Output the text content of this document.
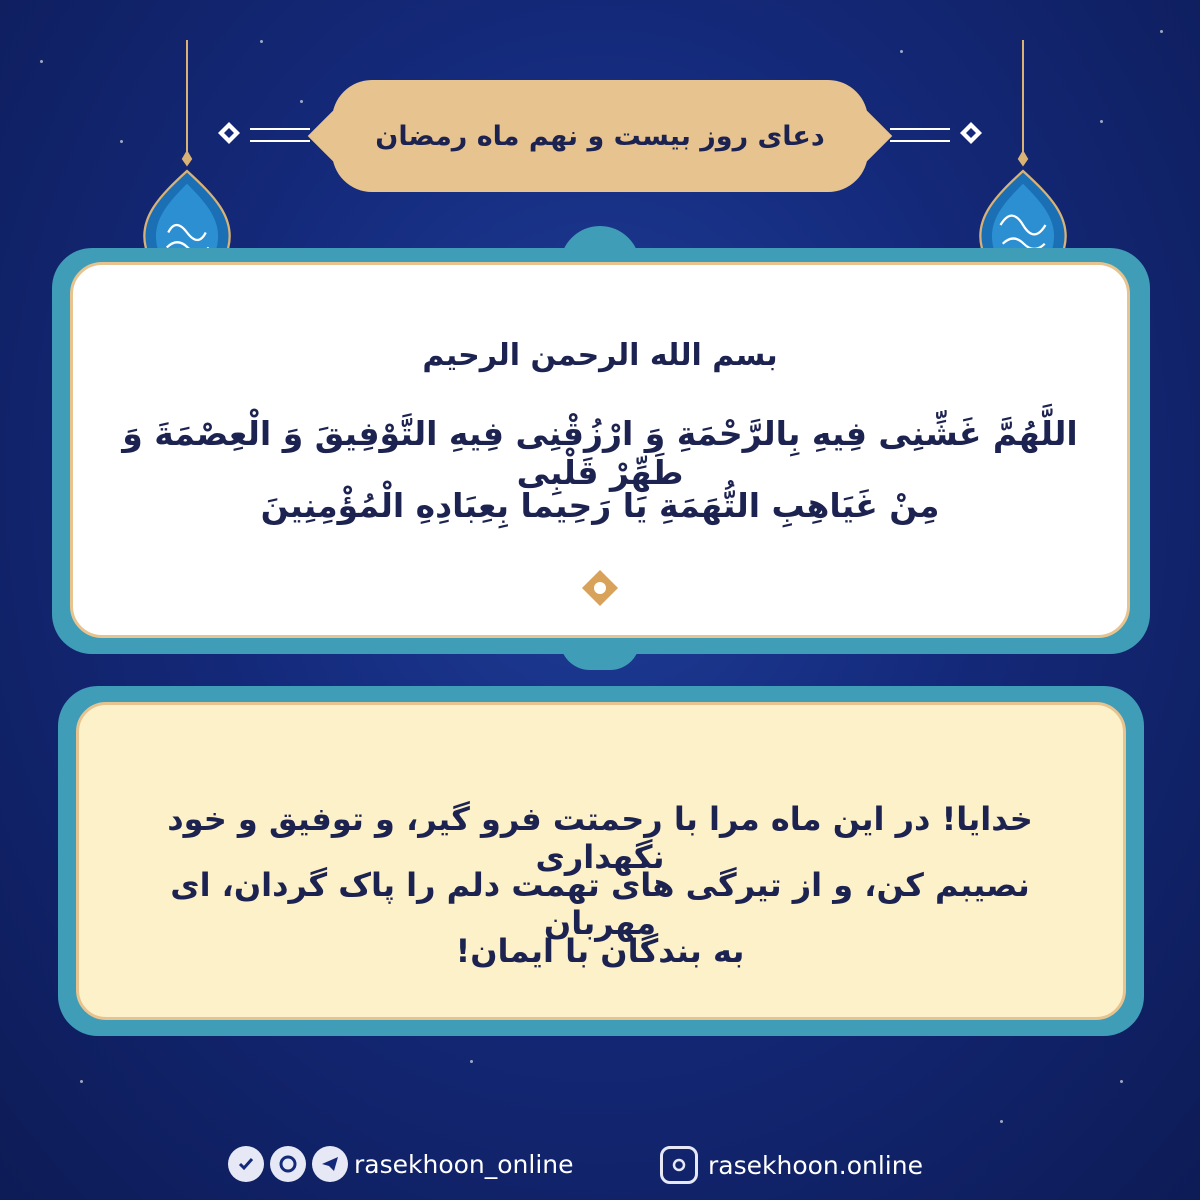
دعای روز بیست و نهم ماه رمضان
بسم الله الرحمن الرحیم
اللَّهُمَّ غَشِّنِی فِیهِ بِالرَّحْمَةِ وَ ارْزُقْنِی فِیهِ التَّوْفِیقَ وَ الْعِصْمَةَ وَ طَهِّرْ قَلْبِی
مِنْ غَیَاهِبِ التُّهَمَةِ یَا رَحِیما بِعِبَادِهِ الْمُؤْمِنِینَ
خدایا! در این ماه مرا با رحمتت فرو گیر، و توفیق و خود نگهداری
نصیبم کن، و از تیرگی های تهمت دلم را پاک گردان، ای مهربان
به بندگان با ایمان!
rasekhoon_online	rasekhoon.online
